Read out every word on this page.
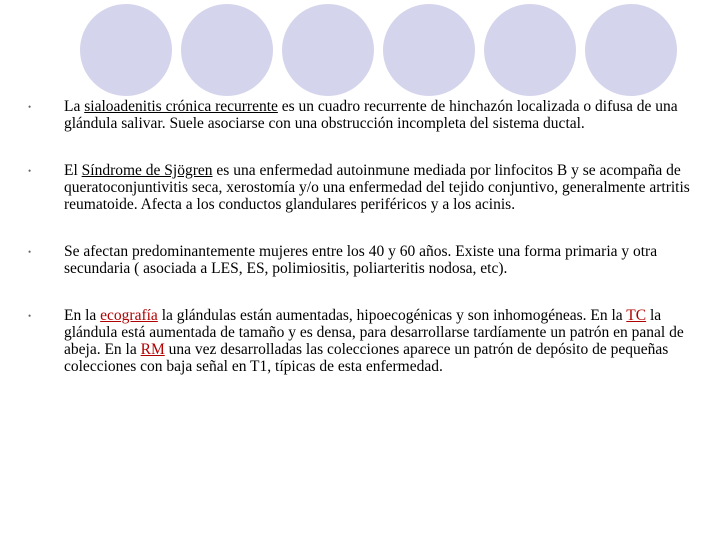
• La sialoadenitis crónica recurrente es un cuadro recurrente de hinchazón localizada o difusa de una glándula salivar. Suele asociarse con una obstrucción incompleta del sistema ductal.
• El Síndrome de Sjögren es una enfermedad autoinmune mediada por linfocitos B y se acompaña de queratoconjuntivitis seca, xerostomía y/o una enfermedad del tejido conjuntivo, generalmente artritis reumatoide. Afecta a los conductos glandulares periféricos y a los acinis.
• Se afectan predominantemente mujeres entre los 40 y 60 años. Existe una forma primaria y otra secundaria ( asociada a LES, ES, polimiositis, poliarteritis nodosa, etc).
• En la ecografía la glándulas están aumentadas, hipoecogénicas y son inhomogéneas. En la TC la glándula está aumentada de tamaño y es densa, para desarrollarse tardíamente un patrón en panal de abeja. En la RM una vez desarrolladas las colecciones aparece un patrón de depósito de pequeñas colecciones con baja señal en T1, típicas de esta enfermedad.
